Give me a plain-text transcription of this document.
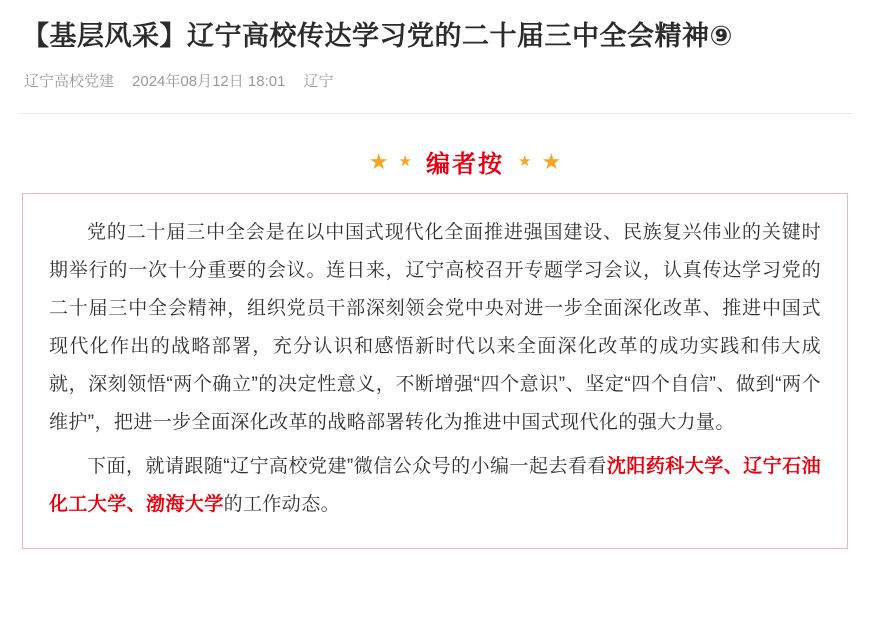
【基层风采】辽宁高校传达学习党的二十届三中全会精神⑨
辽宁高校党建 2024年08月12日 18:01 辽宁
★ ★ 编者按 ★ ★

党的二十届三中全会是在以中国式现代化全面推进强国建设、民族复兴伟业的关键时期举行的一次十分重要的会议。连日来，辽宁高校召开专题学习会议，认真传达学习党的二十届三中全会精神，组织党员干部深刻领会党中央对进一步全面深化改革、推进中国式现代化作出的战略部署，充分认识和感悟新时代以来全面深化改革的成功实践和伟大成就，深刻领悟“两个确立”的决定性意义，不断增强“四个意识”、坚定“四个自信”、做到“两个维护”，把进一步全面深化改革的战略部署转化为推进中国式现代化的强大力量。

下面，就请跟随“辽宁高校党建”微信公众号的小编一起去看看沈阳药科大学、辽宁石油化工大学、渤海大学的工作动态。
